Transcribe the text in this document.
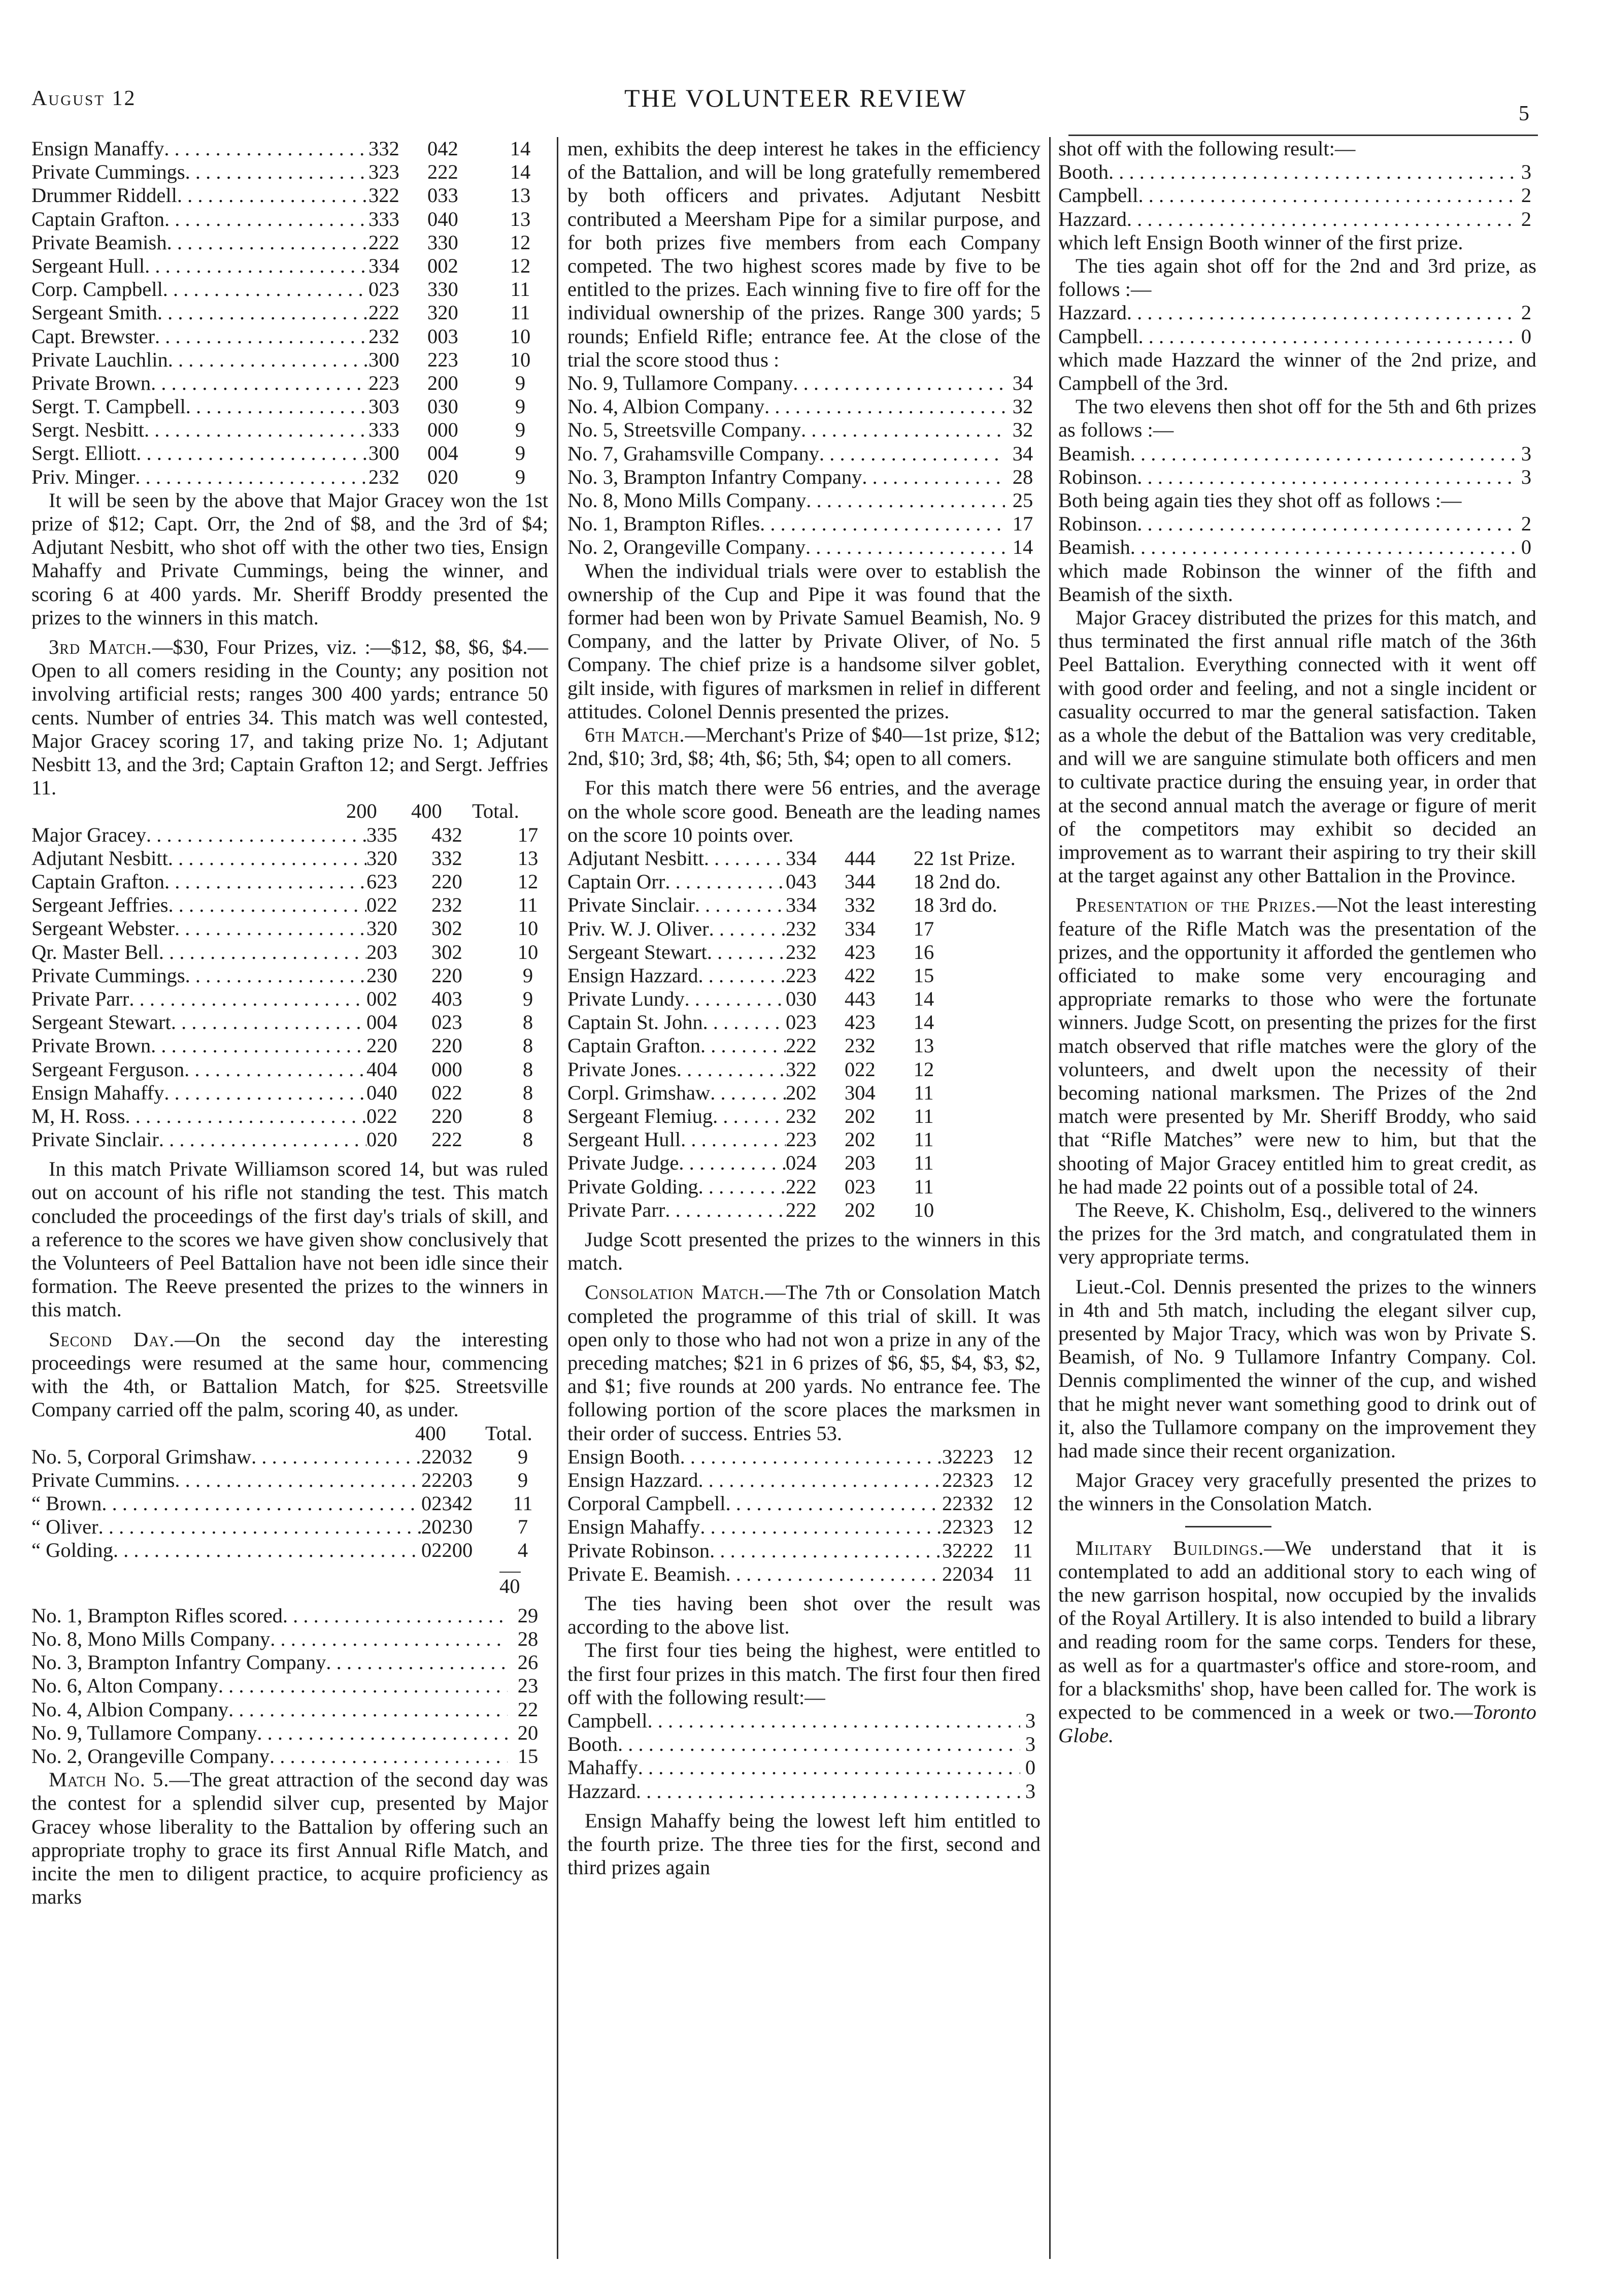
August 12	THE VOLUNTEER REVIEW
5
Ensign Manaffy . . .	332	042	14
Private Cummings . . .	323	222	14
Drummer Riddell . . .	322	033	13
Captain Grafton . . .	333	040	13
Private Beamish . . .	222	330	12
Sergeant Hull . . .	334	002	12
Corp. Campbell . . .	023	330	11
Sergeant Smith . . .	222	320	11
Capt. Brewster . . .	232	003	10
Private Lauchlin . . .	300	223	10
Private Brown . . .	223	200	9
Sergt. T. Campbell . . .	303	030	9
Sergt. Nesbitt . . .	333	000	9
Sergt. Elliott . . .	300	004	9
Priv. Minger . . .	232	020	9

It will be seen by the above that Major Gracey won the 1st prize of $12; Capt. Orr, the 2nd of $8, and the 3rd of $4; Adjutant Nesbitt, who shot off with the other two ties, Ensign Mahaffy and Private Cummings, being the winner, and scoring 6 at 400 yards. Mr. Sheriff Broddy presented the prizes to the winners in this match.

3rd Match.—$30, Four Prizes, viz. :—$12, $8, $6, $4.—Open to all comers residing in the County; any position not involving artificial rests; ranges 300 400 yards; entrance 50 cents. Number of entries 34. This match was well contested, Major Gracey scoring 17, and taking prize No. 1; Adjutant Nesbitt 13, and the 3rd; Captain Grafton 12; and Sergt. Jeffries 11.

200	400	Total.
Major Gracey . . .	335	432	17
Adjutant Nesbitt . . .	320	332	13
Captain Grafton . . .	623	220	12
Sergeant Jeffries . . .	022	232	11
Sergeant Webster . . .	320	302	10
Qr. Master Bell . . .	203	302	10
Private Cummings . . .	230	220	9
Private Parr . . .	002	403	9
Sergeant Stewart . . .	004	023	8
Private Brown . . .	220	220	8
Sergeant Ferguson . . .	404	000	8
Ensign Mahaffy . . .	040	022	8
M, H. Ross . . .	022	220	8
Private Sinclair . . .	020	222	8

In this match Private Williamson scored 14, but was ruled out on account of his rifle not standing the test. This match concluded the proceedings of the first day's trials of skill, and a reference to the scores we have given show conclusively that the Volunteers of Peel Battalion have not been idle since their formation. The Reeve presented the prizes to the winners in this match.

Second Day.—On the second day the interesting proceedings were resumed at the same hour, commencing with the 4th, or Battalion Match, for $25. Streetsville Company carried off the palm, scoring 40, as under.

400	Total.
No. 5, Corporal Grimshaw . . .	22032	9
Private Cummins . . .	22203	9
“ Brown . . .	02342	11
“ Oliver . . .	20230	7
“ Golding . . .	02200	4
40
No. 1, Brampton Rifles scored . . .	29
No. 8, Mono Mills Company . . .	28
No. 3, Brampton Infantry Company . . .	26
No. 6, Alton Company . . .	23
No. 4, Albion Company . . .	22
No. 9, Tullamore Company . . .	20
No. 2, Orangeville Company . . .	15

Match No. 5.—The great attraction of the second day was the contest for a splendid silver cup, presented by Major Gracey whose liberality to the Battalion by offering such an appropriate trophy to grace its first Annual Rifle Match, and incite the men to diligent practice, to acquire proficiency as marks

men, exhibits the deep interest he takes in the efficiency of the Battalion, and will be long gratefully remembered by both officers and privates. Adjutant Nesbitt contributed a Meersham Pipe for a similar purpose, and for both prizes five members from each Company competed. The two highest scores made by five to be entitled to the prizes. Each winning five to fire off for the individual ownership of the prizes. Range 300 yards; 5 rounds; Enfield Rifle; entrance fee. At the close of the trial the score stood thus :

No. 9, Tullamore Company . . .	34
No. 4, Albion Company . . .	32
No. 5, Streetsville Company . . .	32
No. 7, Grahamsville Company . . .	34
No. 3, Brampton Infantry Company . . .	28
No. 8, Mono Mills Company . . .	25
No. 1, Brampton Rifles . . .	17
No. 2, Orangeville Company . . .	14

When the individual trials were over to establish the ownership of the Cup and Pipe it was found that the former had been won by Private Samuel Beamish, No. 9 Company, and the latter by Private Oliver, of No. 5 Company. The chief prize is a handsome silver goblet, gilt inside, with figures of marksmen in relief in different attitudes. Colonel Dennis presented the prizes.

6th Match.—Merchant's Prize of $40—1st prize, $12; 2nd, $10; 3rd, $8; 4th, $6; 5th, $4; open to all comers.

For this match there were 56 entries, and the average on the whole score good. Beneath are the leading names on the score 10 points over.

Adjutant Nesbitt . . .	334	444	22 1st Prize.
Captain Orr . . .	043	344	18 2nd do.
Private Sinclair . . .	334	332	18 3rd do.
Priv. W. J. Oliver . . .	232	334	17
Sergeant Stewart . . .	232	423	16
Ensign Hazzard . . .	223	422	15
Private Lundy . . .	030	443	14
Captain St. John . . .	023	423	14
Captain Grafton . . .	222	232	13
Private Jones . . .	322	022	12
Corpl. Grimshaw . . .	202	304	11
Sergeant Flemiug . . .	232	202	11
Sergeant Hull . . .	223	202	11
Private Judge . . .	024	203	11
Private Golding . . .	222	023	11
Private Parr . . .	222	202	10

Judge Scott presented the prizes to the winners in this match.

Consolation Match.—The 7th or Consolation Match completed the programme of this trial of skill. It was open only to those who had not won a prize in any of the preceding matches; $21 in 6 prizes of $6, $5, $4, $3, $2, and $1; five rounds at 200 yards. No entrance fee. The following portion of the score places the marksmen in their order of success. Entries 53.

Ensign Booth . . .	32223 12
Ensign Hazzard . . .	22323 12
Corporal Campbell . . .	22332 12
Ensign Mahaffy . . .	22323 12
Private Robinson . . .	32222 11
Private E. Beamish . . .	22034 11

The ties having been shot over the result was according to the above list.

The first four ties being the highest, were entitled to the first four prizes in this match. The first four then fired off with the following result:—

Campbell . . .	3
Booth . . .	3
Mahaffy . . .	0
Hazzard . . .	3

Ensign Mahaffy being the lowest left him entitled to the fourth prize. The three ties for the first, second and third prizes again

shot off with the following result:—

Booth . . .	3
Campbell . . .	2
Hazzard . . .	2

which left Ensign Booth winner of the first prize.

The ties again shot off for the 2nd and 3rd prize, as follows :—

Hazzard . . .	2
Campbell . . .	0

which made Hazzard the winner of the 2nd prize, and Campbell of the 3rd.

The two elevens then shot off for the 5th and 6th prizes as follows :—

Beamish . . .	3
Robinson . . .	3

Both being again ties they shot off as follows :—

Robinson . . .	2
Beamish . . .	0

which made Robinson the winner of the fifth and Beamish of the sixth.

Major Gracey distributed the prizes for this match, and thus terminated the first annual rifle match of the 36th Peel Battalion. Everything connected with it went off with good order and feeling, and not a single incident or casuality occurred to mar the general satisfaction. Taken as a whole the debut of the Battalion was very creditable, and will we are sanguine stimulate both officers and men to cultivate practice during the ensuing year, in order that at the second annual match the average or figure of merit of the competitors may exhibit so decided an improvement as to warrant their aspiring to try their skill at the target against any other Battalion in the Province.

Presentation of the Prizes.—Not the least interesting feature of the Rifle Match was the presentation of the prizes, and the opportunity it afforded the gentlemen who officiated to make some very encouraging and appropriate remarks to those who were the fortunate winners. Judge Scott, on presenting the prizes for the first match observed that rifle matches were the glory of the volunteers, and dwelt upon the necessity of their becoming national marksmen. The Prizes of the 2nd match were presented by Mr. Sheriff Broddy, who said that “Rifle Matches” were new to him, but that the shooting of Major Gracey entitled him to great credit, as he had made 22 points out of a possible total of 24.

The Reeve, K. Chisholm, Esq., delivered to the winners the prizes for the 3rd match, and congratulated them in very appropriate terms.

Lieut.-Col. Dennis presented the prizes to the winners in 4th and 5th match, including the elegant silver cup, presented by Major Tracy, which was won by Private S. Beamish, of No. 9 Tullamore Infantry Company. Col. Dennis complimented the winner of the cup, and wished that he might never want something good to drink out of it, also the Tullamore company on the improvement they had made since their recent organization.

Major Gracey very gracefully presented the prizes to the winners in the Consolation Match.

Military Buildings.—We understand that it is contemplated to add an additional story to each wing of the new garrison hospital, now occupied by the invalids of the Royal Artillery. It is also intended to build a library and reading room for the same corps. Tenders for these, as well as for a quartmaster's office and store-room, and for a blacksmiths' shop, have been called for. The work is expected to be commenced in a week or two.—Toronto Globe.
